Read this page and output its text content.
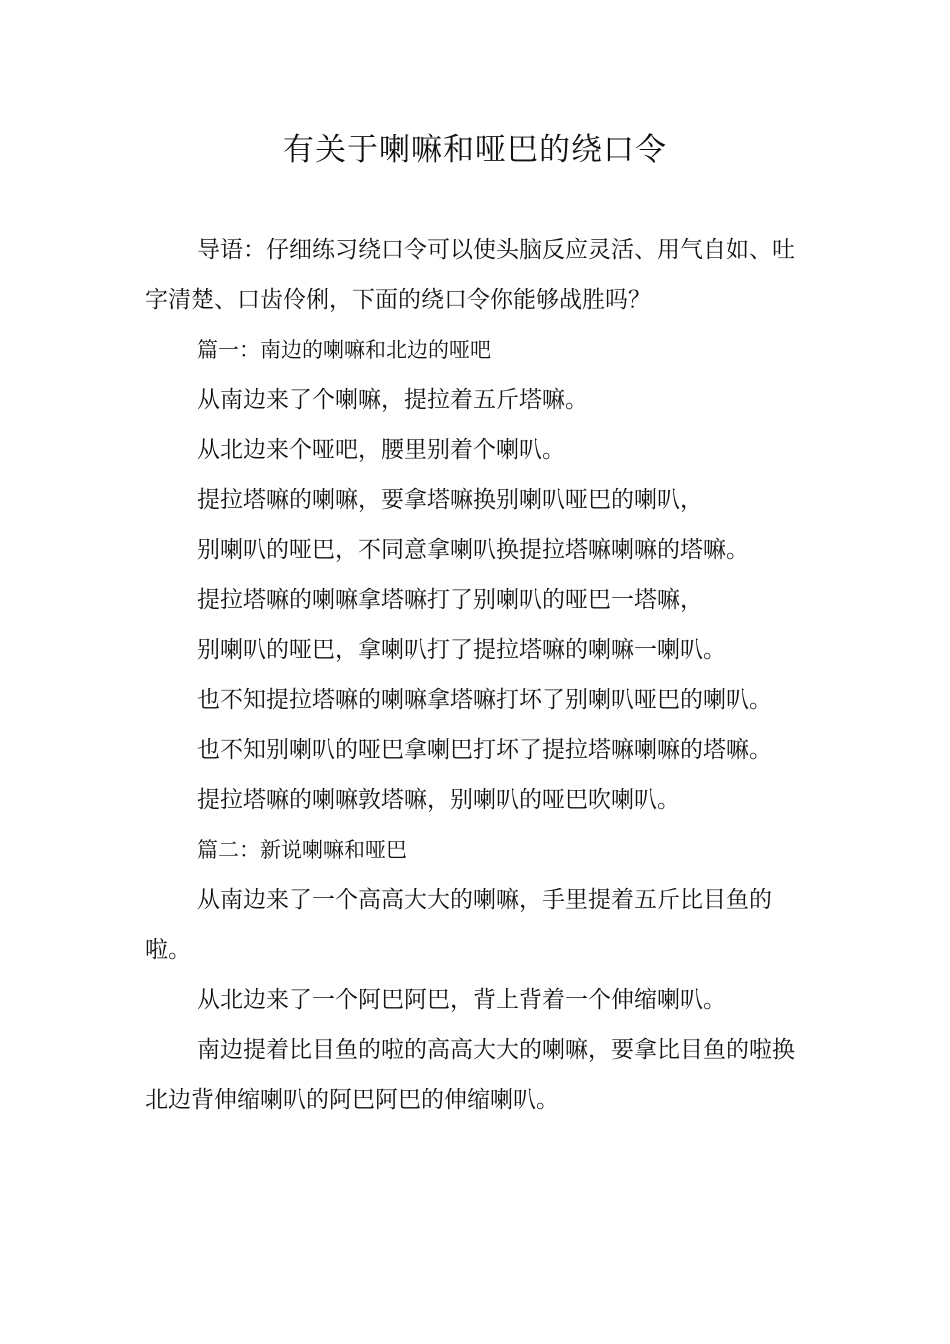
有关于喇嘛和哑巴的绕口令

导语：仔细练习绕口令可以使头脑反应灵活、用气自如、吐字清楚、口齿伶俐，下面的绕口令你能够战胜吗？

篇一：南边的喇嘛和北边的哑吧

从南边来了个喇嘛，提拉着五斤塔嘛。

从北边来个哑吧，腰里别着个喇叭。

提拉塔嘛的喇嘛，要拿塔嘛换别喇叭哑巴的喇叭，

别喇叭的哑巴，不同意拿喇叭换提拉塔嘛喇嘛的塔嘛。

提拉塔嘛的喇嘛拿塔嘛打了别喇叭的哑巴一塔嘛，

别喇叭的哑巴，拿喇叭打了提拉塔嘛的喇嘛一喇叭。

也不知提拉塔嘛的喇嘛拿塔嘛打坏了别喇叭哑巴的喇叭。

也不知别喇叭的哑巴拿喇巴打坏了提拉塔嘛喇嘛的塔嘛。

提拉塔嘛的喇嘛敦塔嘛，别喇叭的哑巴吹喇叭。

篇二：新说喇嘛和哑巴

从南边来了一个高高大大的喇嘛，手里提着五斤比目鱼的啦。

从北边来了一个阿巴阿巴，背上背着一个伸缩喇叭。

南边提着比目鱼的啦的高高大大的喇嘛，要拿比目鱼的啦换北边背伸缩喇叭的阿巴阿巴的伸缩喇叭。
